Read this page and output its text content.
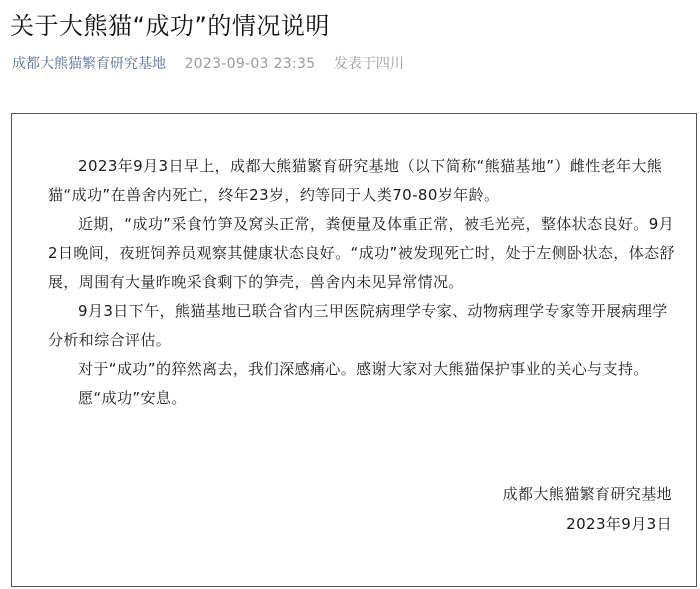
关于大熊猫“成功”的情况说明
成都大熊猫繁育研究基地 2023-09-03 23:35 发表于四川

2023年9月3日早上，成都大熊猫繁育研究基地（以下简称“熊猫基地”）雌性老年大熊猫“成功”在兽舍内死亡，终年23岁，约等同于人类70-80岁年龄。

近期，“成功”采食竹笋及窝头正常，粪便量及体重正常，被毛光亮，整体状态良好。9月2日晚间，夜班饲养员观察其健康状态良好。“成功”被发现死亡时，处于左侧卧状态，体态舒展，周围有大量昨晚采食剩下的笋壳，兽舍内未见异常情况。

9月3日下午，熊猫基地已联合省内三甲医院病理学专家、动物病理学专家等开展病理学分析和综合评估。

对于“成功”的猝然离去，我们深感痛心。感谢大家对大熊猫保护事业的关心与支持。

愿“成功”安息。

成都大熊猫繁育研究基地
2023年9月3日
